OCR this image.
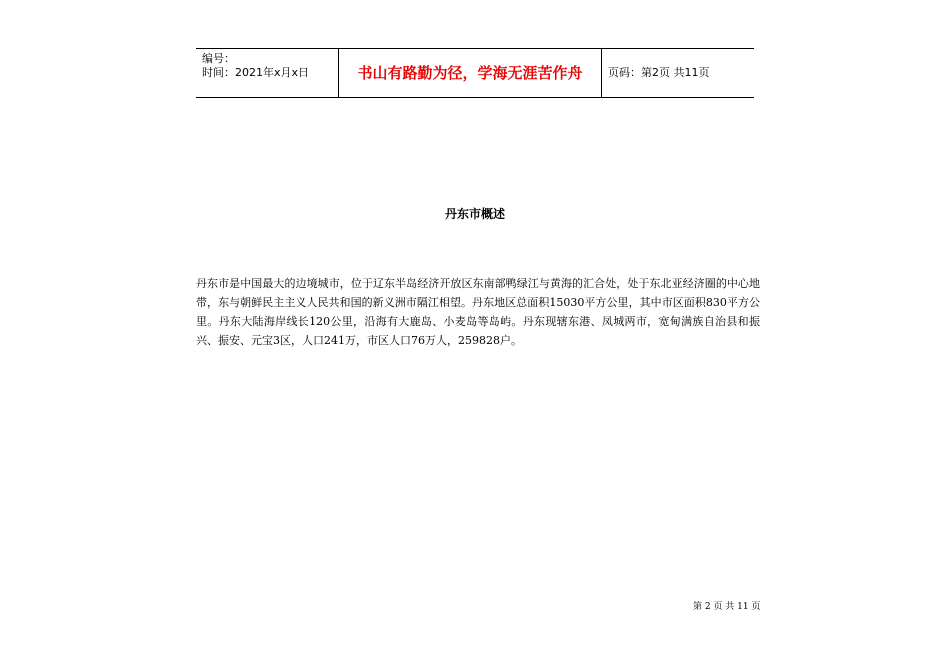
编号：
时间：2021年x月x日	书山有路勤为径，学海无涯苦作舟	页码：第2页 共11页
丹东市概述

丹东市是中国最大的边境城市，位于辽东半岛经济开放区东南部鸭绿江与黄海的汇合处，处于东北亚经济圈的中心地带，东与朝鲜民主主义人民共和国的新义洲市隔江相望。丹东地区总面积15030平方公里，其中市区面积830平方公里。丹东大陆海岸线长120公里，沿海有大鹿岛、小麦岛等岛屿。丹东现辖东港、凤城两市，宽甸满族自治县和振兴、振安、元宝3区，人口241万，市区人口76万人，259828户。

第 2 页 共 11 页
